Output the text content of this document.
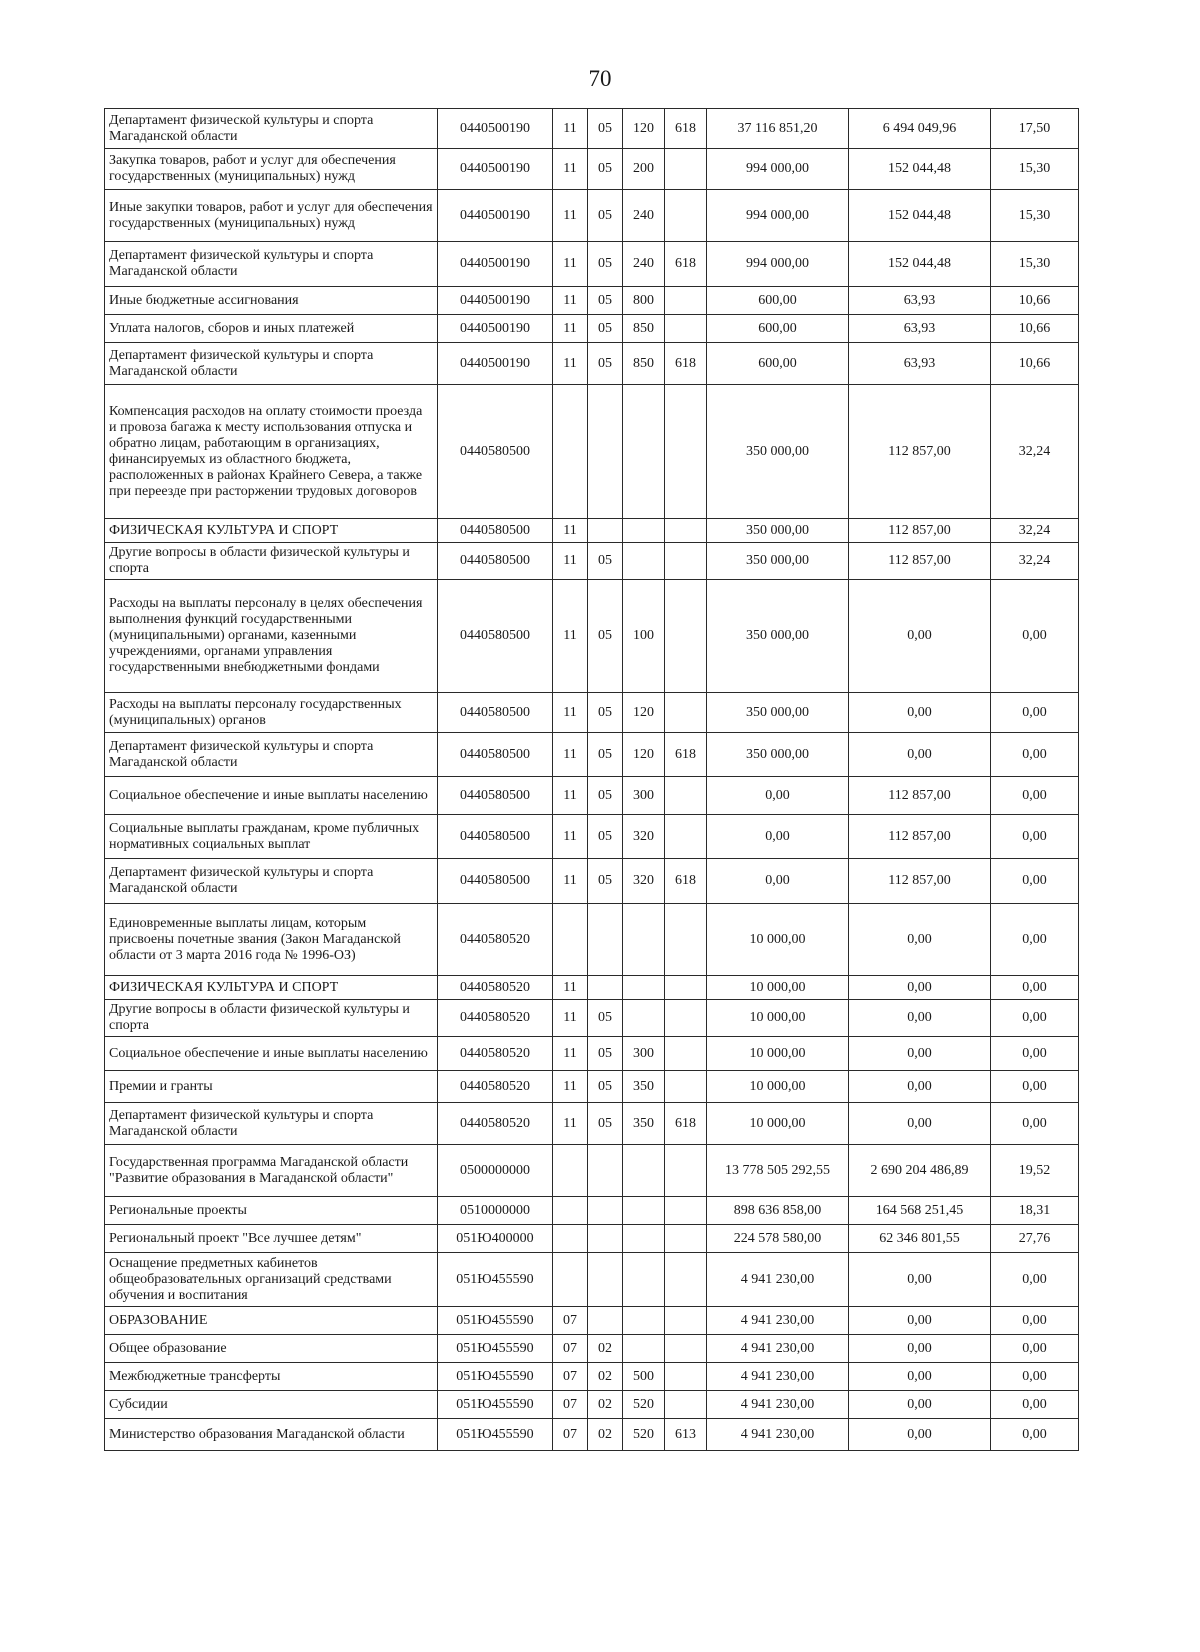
70
Департамент физической культуры и спорта Магаданской области	0440500190	11	05	120	618	37 116 851,20	6 494 049,96	17,50
Закупка товаров, работ и услуг для обеспечения государственных (муниципальных) нужд	0440500190	11	05	200		994 000,00	152 044,48	15,30
Иные закупки товаров, работ и услуг для обеспечения государственных (муниципальных) нужд	0440500190	11	05	240		994 000,00	152 044,48	15,30
Департамент физической культуры и спорта Магаданской области	0440500190	11	05	240	618	994 000,00	152 044,48	15,30
Иные бюджетные ассигнования	0440500190	11	05	800		600,00	63,93	10,66
Уплата налогов, сборов и иных платежей	0440500190	11	05	850		600,00	63,93	10,66
Департамент физической культуры и спорта Магаданской области	0440500190	11	05	850	618	600,00	63,93	10,66
Компенсация расходов на оплату стоимости проезда и провоза багажа к месту использования отпуска и обратно лицам, работающим в организациях, финансируемых из областного бюджета, расположенных в районах Крайнего Севера, а также при переезде при расторжении трудовых договоров	0440580500					350 000,00	112 857,00	32,24
ФИЗИЧЕСКАЯ КУЛЬТУРА И СПОРТ	0440580500	11				350 000,00	112 857,00	32,24
Другие вопросы в области физической культуры и спорта	0440580500	11	05			350 000,00	112 857,00	32,24
Расходы на выплаты персоналу в целях обеспечения выполнения функций государственными (муниципальными) органами, казенными учреждениями, органами управления государственными внебюджетными фондами	0440580500	11	05	100		350 000,00	0,00	0,00
Расходы на выплаты персоналу государственных (муниципальных) органов	0440580500	11	05	120		350 000,00	0,00	0,00
Департамент физической культуры и спорта Магаданской области	0440580500	11	05	120	618	350 000,00	0,00	0,00
Социальное обеспечение и иные выплаты населению	0440580500	11	05	300		0,00	112 857,00	0,00
Социальные выплаты гражданам, кроме публичных нормативных социальных выплат	0440580500	11	05	320		0,00	112 857,00	0,00
Департамент физической культуры и спорта Магаданской области	0440580500	11	05	320	618	0,00	112 857,00	0,00
Единовременные выплаты лицам, которым присвоены почетные звания (Закон Магаданской области от 3 марта 2016 года № 1996-ОЗ)	0440580520					10 000,00	0,00	0,00
ФИЗИЧЕСКАЯ КУЛЬТУРА И СПОРТ	0440580520	11				10 000,00	0,00	0,00
Другие вопросы в области физической культуры и спорта	0440580520	11	05			10 000,00	0,00	0,00
Социальное обеспечение и иные выплаты населению	0440580520	11	05	300		10 000,00	0,00	0,00
Премии и гранты	0440580520	11	05	350		10 000,00	0,00	0,00
Департамент физической культуры и спорта Магаданской области	0440580520	11	05	350	618	10 000,00	0,00	0,00
Государственная программа Магаданской области "Развитие образования в Магаданской области"	0500000000					13 778 505 292,55	2 690 204 486,89	19,52
Региональные проекты	0510000000					898 636 858,00	164 568 251,45	18,31
Региональный проект "Все лучшее детям"	051Ю400000					224 578 580,00	62 346 801,55	27,76
Оснащение предметных кабинетов общеобразовательных организаций средствами обучения и воспитания	051Ю455590					4 941 230,00	0,00	0,00
ОБРАЗОВАНИЕ	051Ю455590	07				4 941 230,00	0,00	0,00
Общее образование	051Ю455590	07	02			4 941 230,00	0,00	0,00
Межбюджетные трансферты	051Ю455590	07	02	500		4 941 230,00	0,00	0,00
Субсидии	051Ю455590	07	02	520		4 941 230,00	0,00	0,00
Министерство образования Магаданской области	051Ю455590	07	02	520	613	4 941 230,00	0,00	0,00
